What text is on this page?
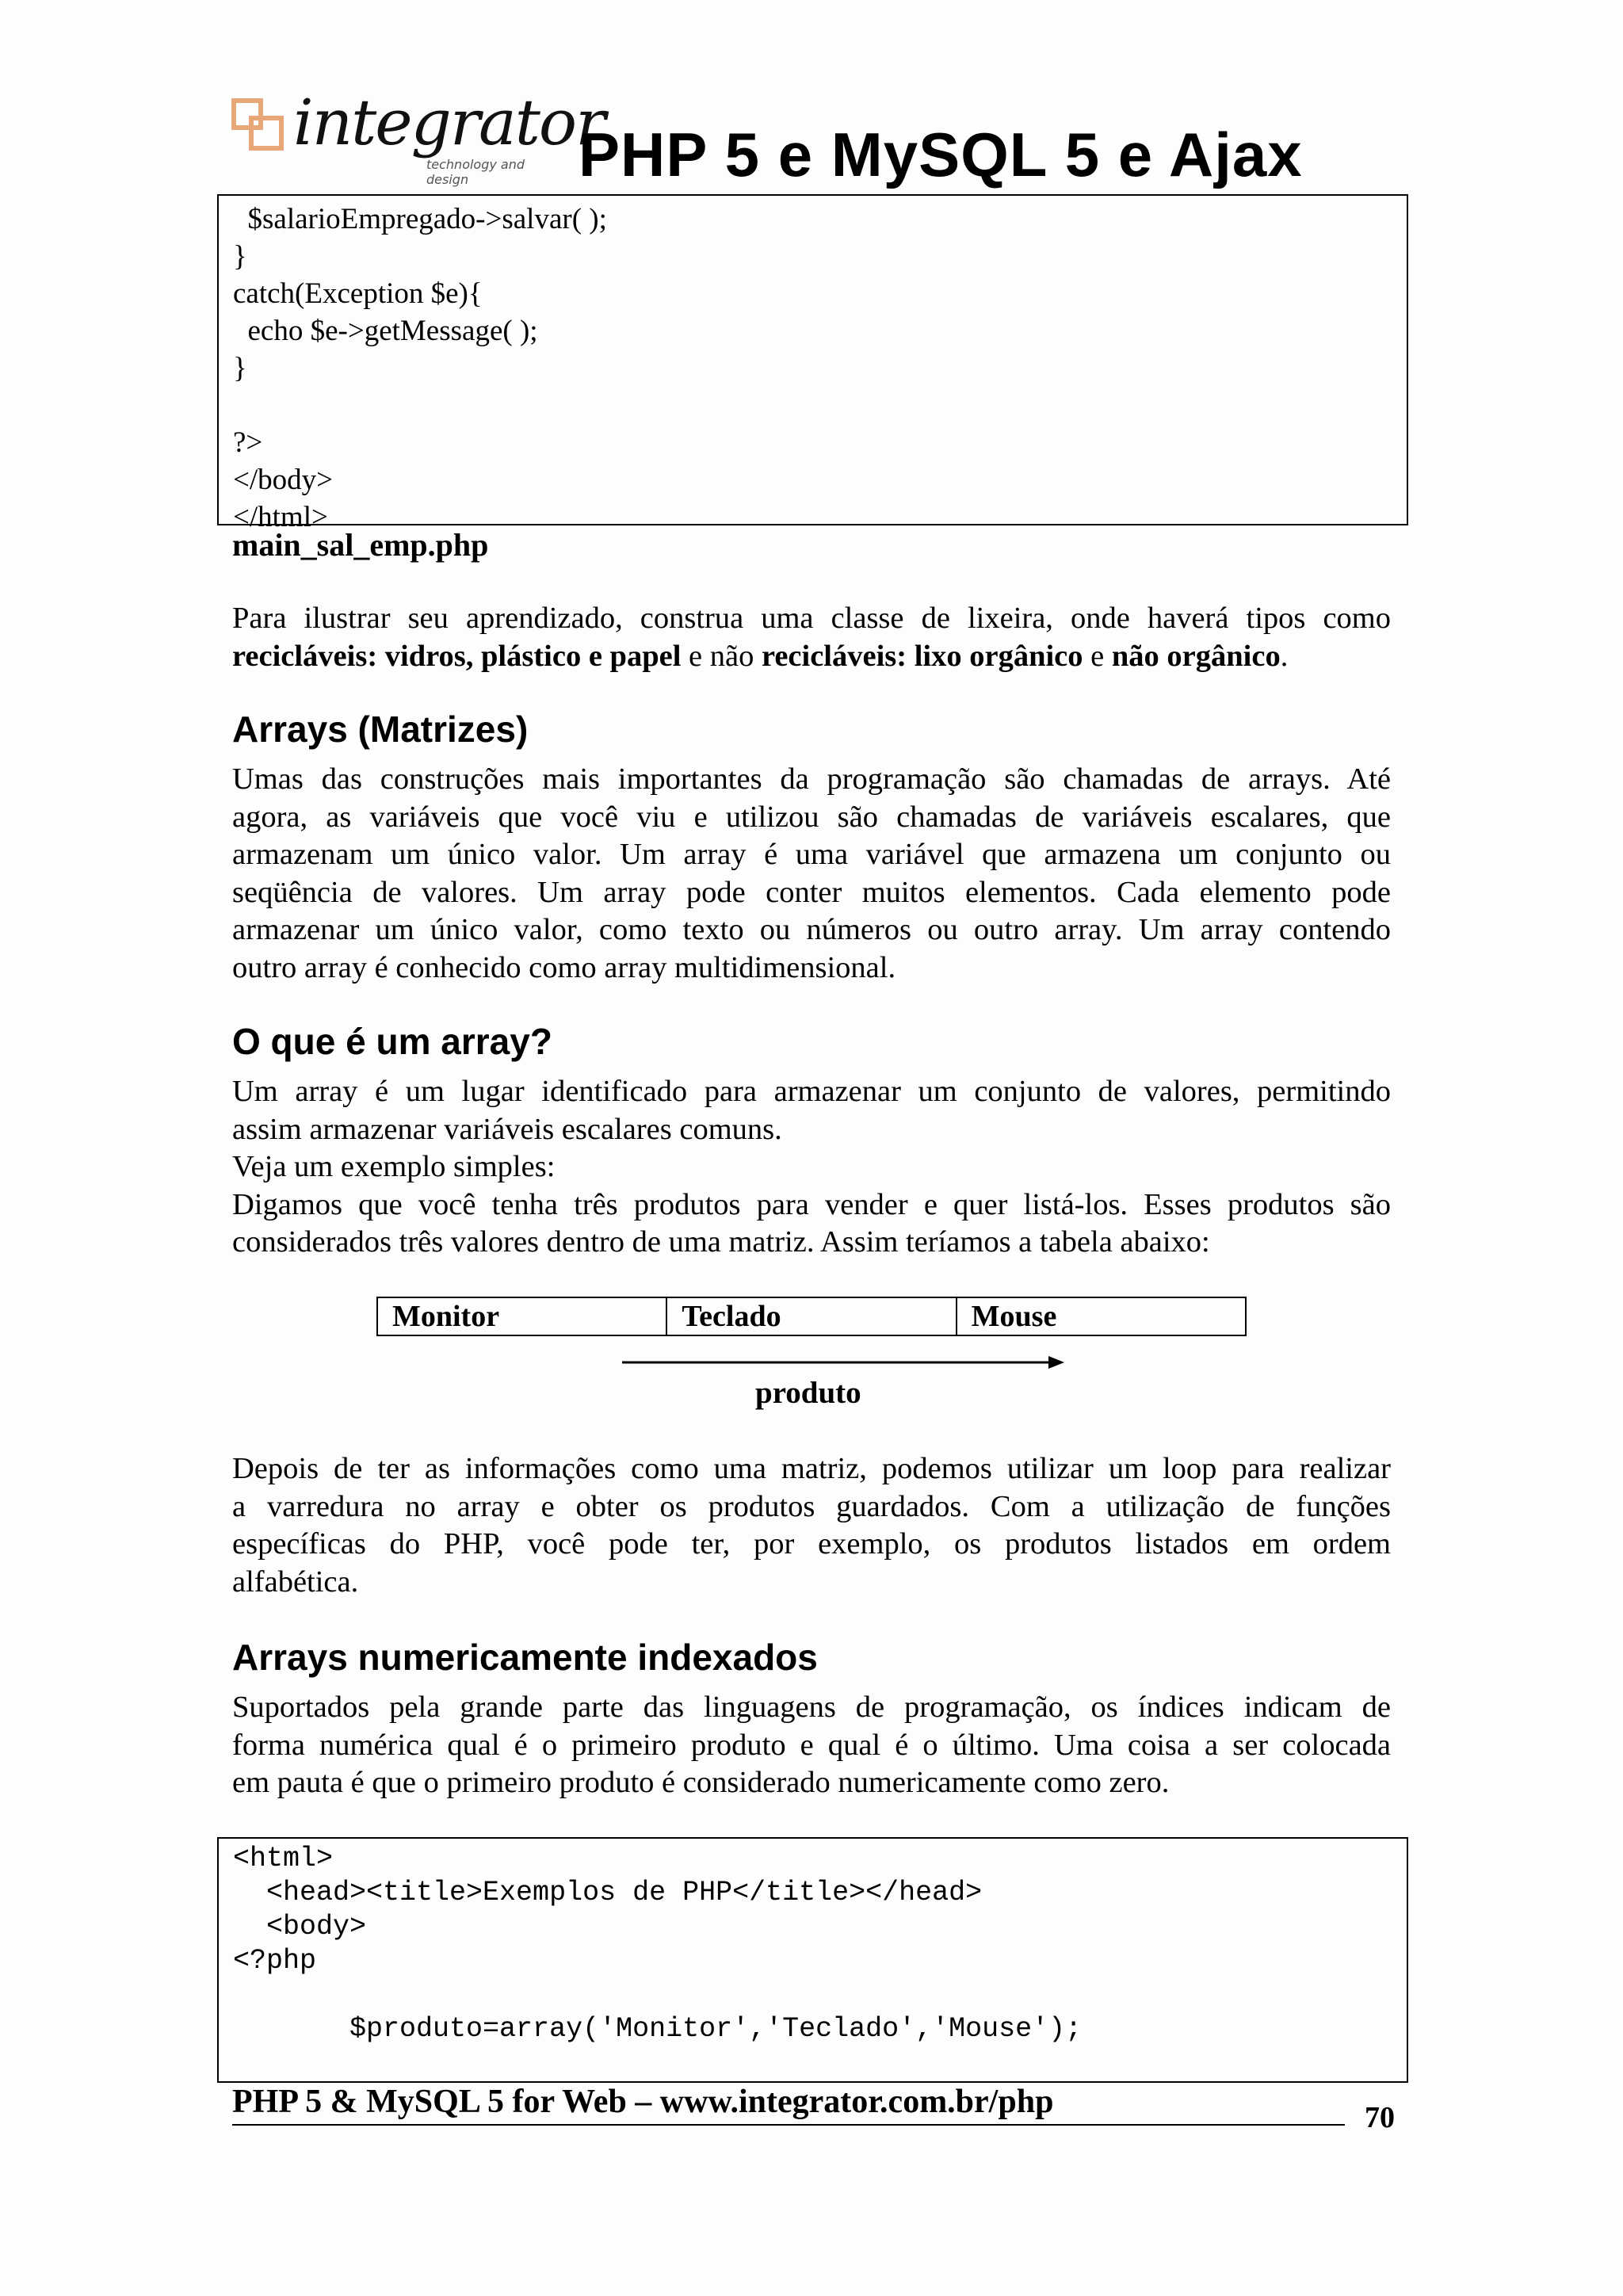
integrator
technology and design	PHP 5 e MySQL 5 e Ajax
$salarioEmpregado->salvar( );
}
catch(Exception $e){
echo $e->getMessage( );
}
?>
</body>
</html>
main_sal_emp.php
Para ilustrar seu aprendizado, construa uma classe de lixeira, onde haverá tipos como
recicláveis: vidros, plástico e papel e não recicláveis: lixo orgânico e não orgânico.
Arrays (Matrizes)
Umas das construções mais importantes da programação são chamadas de arrays. Até
agora, as variáveis que você viu e utilizou são chamadas de variáveis escalares, que
armazenam um único valor. Um array é uma variável que armazena um conjunto ou
seqüência de valores. Um array pode conter muitos elementos. Cada elemento pode
armazenar um único valor, como texto ou números ou outro array. Um array contendo
outro array é conhecido como array multidimensional.
O que é um array?
Um array é um lugar identificado para armazenar um conjunto de valores, permitindo
assim armazenar variáveis escalares comuns.
Veja um exemplo simples:
Digamos que você tenha três produtos para vender e quer listá-los. Esses produtos são
considerados três valores dentro de uma matriz. Assim teríamos a tabela abaixo:
Monitor	Teclado	Mouse
produto
Depois de ter as informações como uma matriz, podemos utilizar um loop para realizar
a varredura no array e obter os produtos guardados. Com a utilização de funções
específicas do PHP, você pode ter, por exemplo, os produtos listados em ordem
alfabética.
Arrays numericamente indexados
Suportados pela grande parte das linguagens de programação, os índices indicam de
forma numérica qual é o primeiro produto e qual é o último. Uma coisa a ser colocada
em pauta é que o primeiro produto é considerado numericamente como zero.
<html>
<head><title>Exemplos de PHP</title></head>
<body>
<?php
$produto=array('Monitor','Teclado','Mouse');
PHP 5 & MySQL 5 for Web – www.integrator.com.br/php	70
